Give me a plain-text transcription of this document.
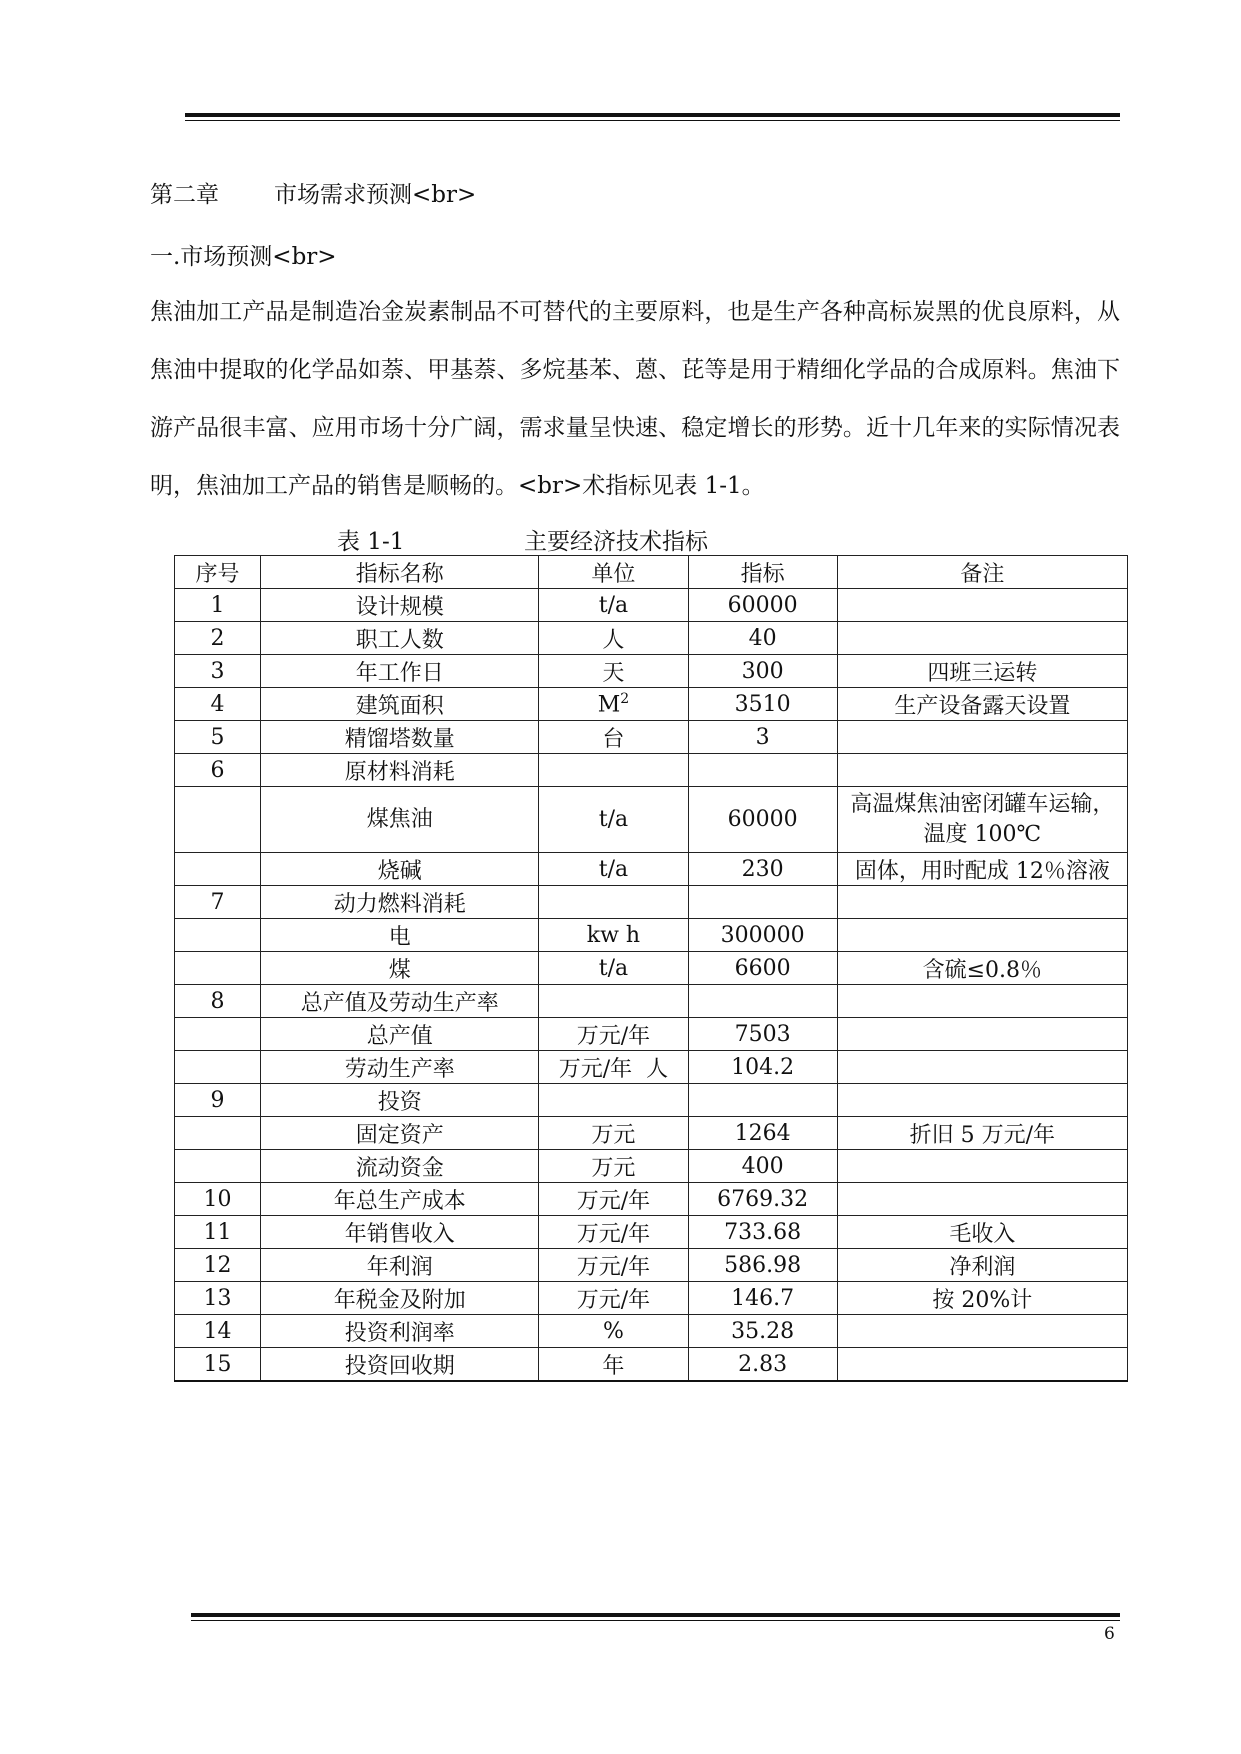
第二章 市场需求预测<br>
一.市场预测<br>
焦油加工产品是制造冶金炭素制品不可替代的主要原料，也是生产各种高标炭黑的优良原料，从焦油中提取的化学品如萘、甲基萘、多烷基苯、蒽、芘等是用于精细化学品的合成原料。焦油下游产品很丰富、应用市场十分广阔，需求量呈快速、稳定增长的形势。近十几年来的实际情况表明，焦油加工产品的销售是顺畅的。<br>术指标见表 1-1。
表 1-1	主要经济技术指标
序号	指标名称	单位	指标	备注
1	设计规模	t/a	60000	
2	职工人数	人	40	
3	年工作日	天	300	四班三运转
4	建筑面积	$M^2$	3510	生产设备露天设置
5	精馏塔数量	台	3	
6	原材料消耗			
	煤焦油	t/a	60000	高温煤焦油密闭罐车运输，温度 100℃
	烧碱	t/a	230	固体，用时配成 12％溶液
7	动力燃料消耗			
	电	kw h	300000	
	煤	t/a	6600	含硫≤0.8％
8	总产值及劳动生产率			
	总产值	万元/年	7503	
	劳动生产率	万元/年  人	104.2	
9	投资			
	固定资产	万元	1264	折旧 5 万元/年
	流动资金	万元	400	
10	年总生产成本	万元/年	6769.32	
11	年销售收入	万元/年	733.68	毛收入
12	年利润	万元/年	586.98	净利润
13	年税金及附加	万元/年	146.7	按 20%计
14	投资利润率	%	35.28	
15	投资回收期	年	2.83	
6
